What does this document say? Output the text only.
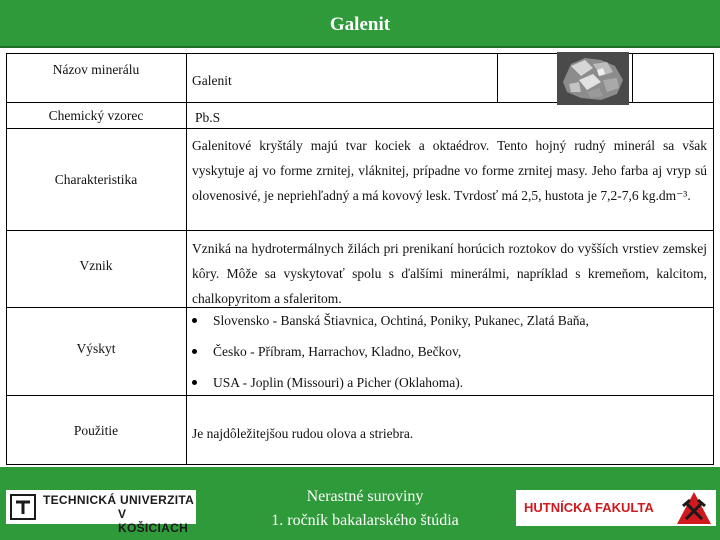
Galenit
Názov minerálu
Galenit
Chemický vzorec	Pb.S
Charakteristika
Galenitové kryštály majú tvar kociek a oktaédrov. Tento hojný rudný minerál sa však vyskytuje aj vo forme zrnitej, vláknitej, prípadne vo forme zrnitej masy. Jeho farba aj vryp sú olovenosivé, je nepriehľadný a má kovový lesk. Tvrdosť má 2,5, hustota je 7,2-7,6 kg.dm⁻³.
Vznik
Vzniká na hydrotermálnych žilách pri prenikaní horúcich roztokov do vyšších vrstiev zemskej kôry. Môže sa vyskytovať spolu s ďalšími minerálmi, napríklad s kremeňom, kalcitom, chalkopyritom a sfaleritom.
Výskyt
Slovensko - Banská Štiavnica, Ochtiná, Poniky, Pukanec, Zlatá Baňa,
Česko - Příbram, Harrachov, Kladno, Bečkov,
USA - Joplin (Missouri) a Picher (Oklahoma).
Použitie	Je najdôležitejšou rudou olova a striebra.
TECHNICKÁ UNIVERZITA
V KOŠICIACH
Nerastné suroviny
1. ročník bakalarského štúdia
HUTNÍCKA FAKULTA
